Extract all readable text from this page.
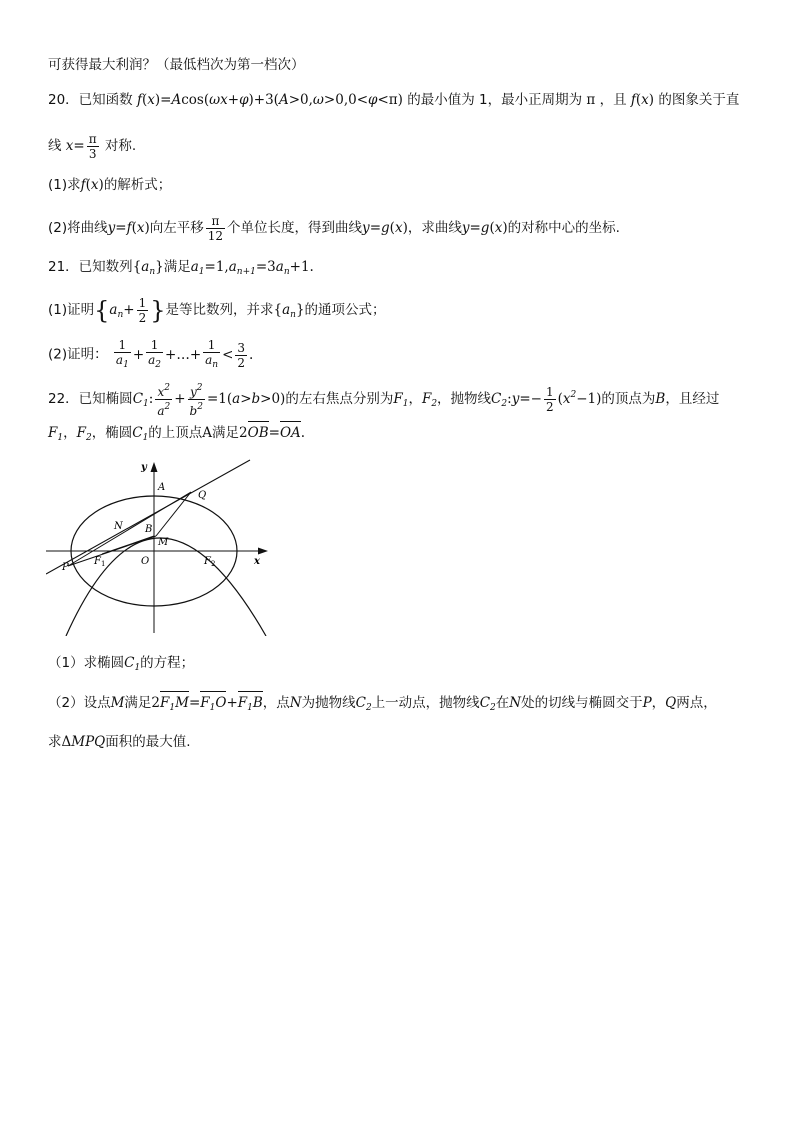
可获得最大利润？（最低档次为第一档次）
20．已知函数 f(x)=Acos(ωx+φ)+3(A>0,ω>0,0<φ<π) 的最小值为 1，最小正周期为 π ，且 f(x) 的图象关于直
线 $x= \frac{\pi}{3}$ 对称.
(1)求f(x)的解析式；
(2)将曲线y=f(x)向左平移 $\frac{\pi}{12}$ 个单位长度，得到曲线y=g(x)，求曲线y=g(x)的对称中心的坐标.
21．已知数列$\{a_n\}$满足$a_1=1,a_{n+1}=3a_n+1$.
(1)证明{$a_n+ \frac{1}{2}$ }是等比数列，并求$\{a_n\}$的通项公式；
(2)证明： $\frac{1}{a_1} + \frac{1}{a_2}$ +…+ $\frac{1}{a_n} < \frac{3}{2}$ .
22．已知椭圆$C_1$: $\frac{x^2}{a^2} + \frac{y^2}{b^2} =1(a>b>0)$的左右焦点分别为$F_1$，$F_2$，抛物线$C_2:y=- \frac{1}{2} (x^2-1)$的顶点为B，且经过
$F_1$，$F_2$，椭圆$C_1$的上顶点A满足2OB=OA.
y
x
A
Q
N B
M
P
$F_1$	$F_2$
O
（1）求椭圆$C_1$的方程；
（2）设点M满足$2F_1M=F_1O+F_1B$，点N为抛物线$C_2$上一动点，抛物线$C_2$在N处的切线与椭圆交于P，Q两点，
求ΔMPQ面积的最大值.
